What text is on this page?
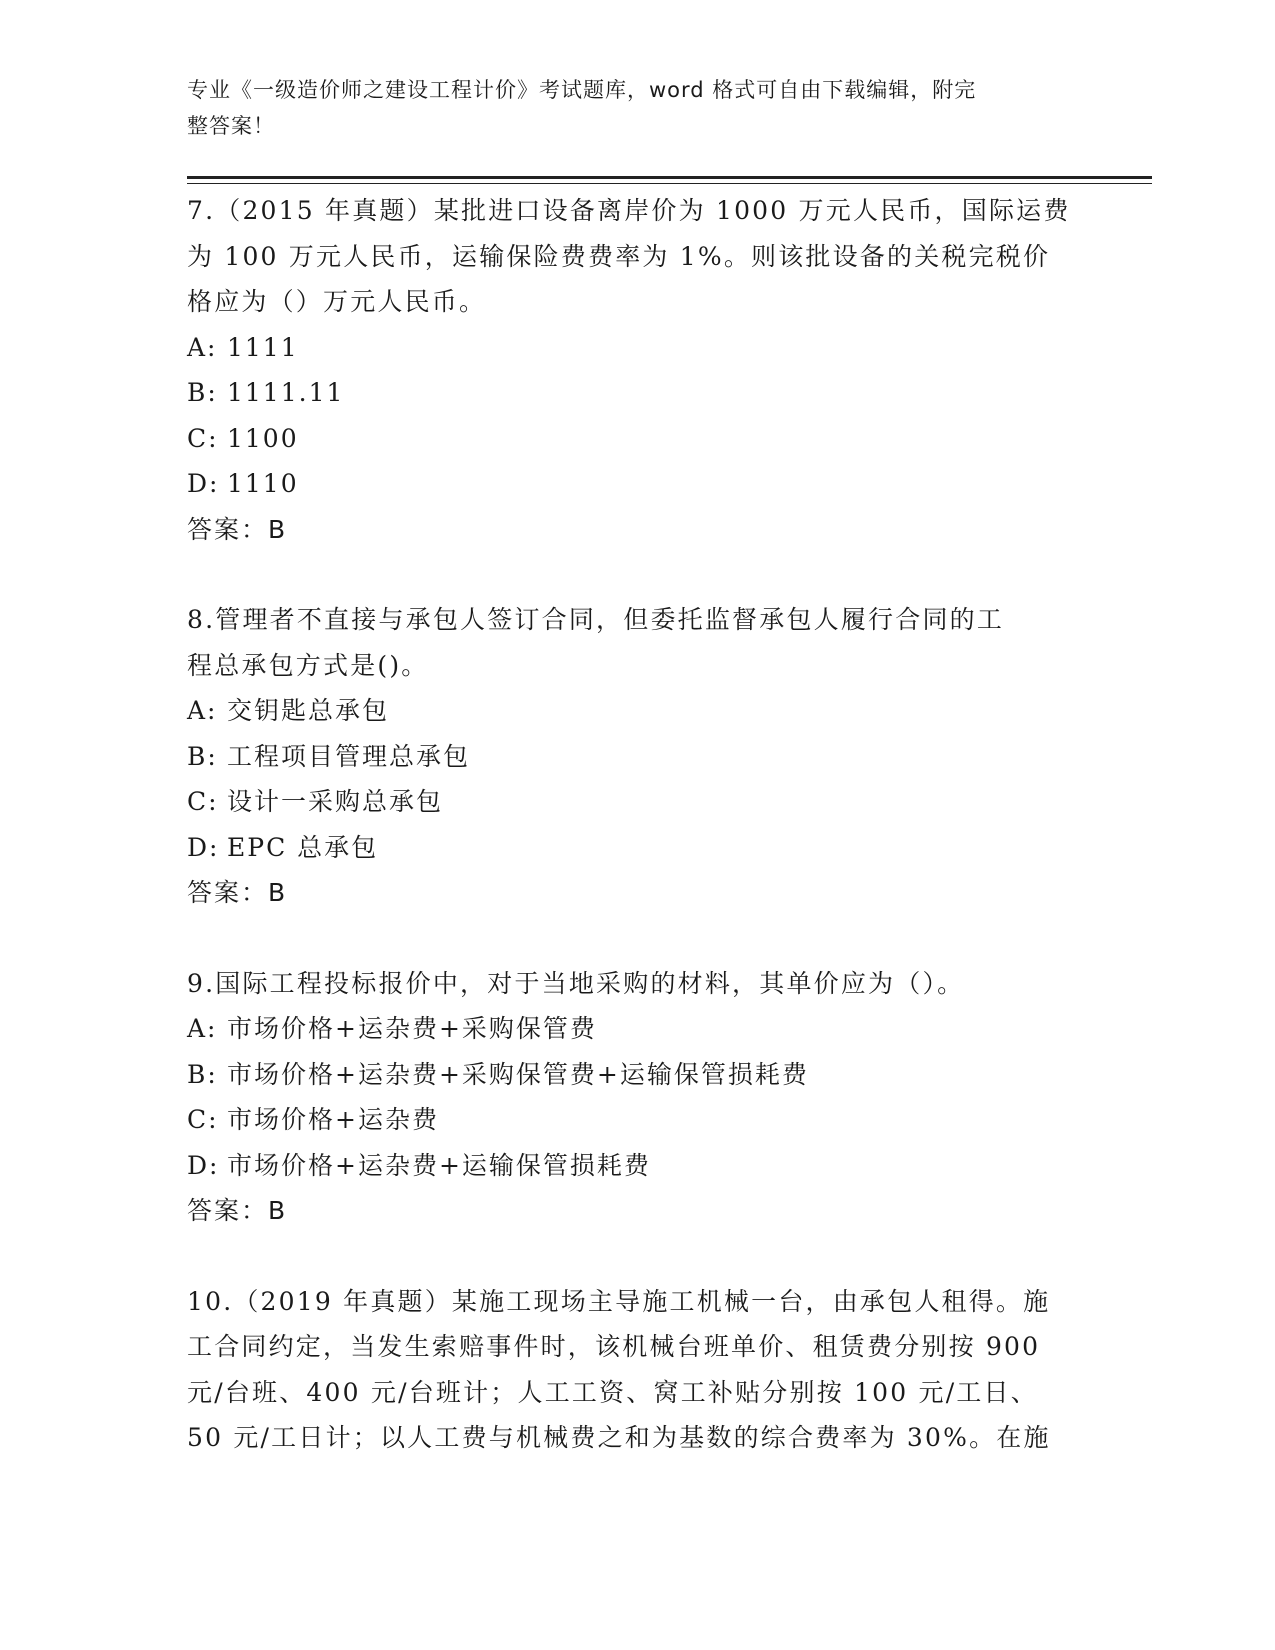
专业《一级造价师之建设工程计价》考试题库，word 格式可自由下载编辑，附完
整答案！

7.（2015 年真题）某批进口设备离岸价为 1000 万元人民币，国际运费
为 100 万元人民币，运输保险费费率为 1%。则该批设备的关税完税价
格应为（）万元人民币。

A: 1111

B: 1111.11

C: 1100

D: 1110

答案：B

8.管理者不直接与承包人签订合同，但委托监督承包人履行合同的工
程总承包方式是()。

A: 交钥匙总承包

B: 工程项目管理总承包

C: 设计一采购总承包

D: EPC 总承包

答案：B

9.国际工程投标报价中，对于当地采购的材料，其单价应为（）。

A: 市场价格+运杂费+采购保管费

B: 市场价格+运杂费+采购保管费+运输保管损耗费

C: 市场价格+运杂费

D: 市场价格+运杂费+运输保管损耗费

答案：B

10.（2019 年真题）某施工现场主导施工机械一台，由承包人租得。施
工合同约定，当发生索赔事件时，该机械台班单价、租赁费分别按 900
元/台班、400 元/台班计；人工工资、窝工补贴分别按 100 元/工日、
50 元/工日计；以人工费与机械费之和为基数的综合费率为 30%。在施
